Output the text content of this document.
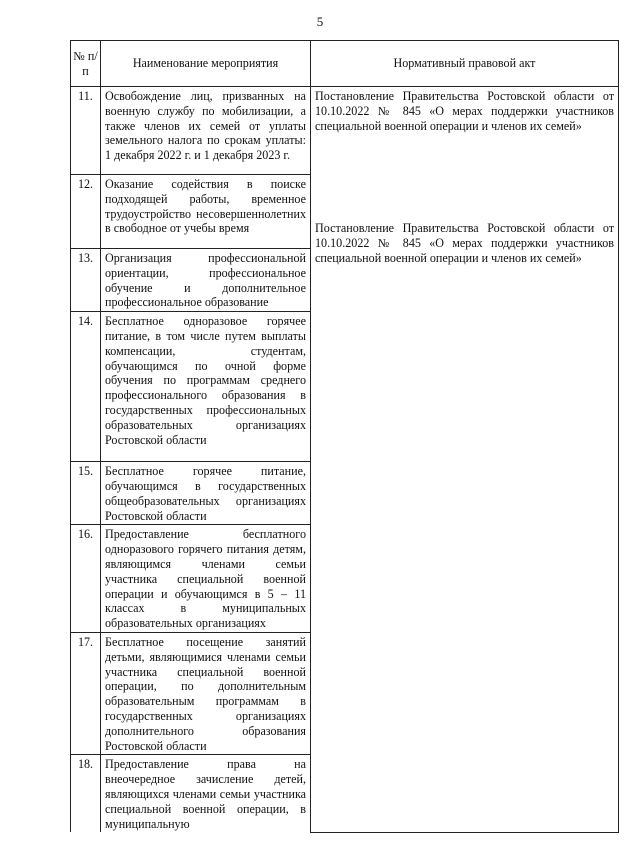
5
№ п/п	Наименование мероприятия	Нормативный правовой акт
11.	Освобождение лиц, призванных на военную службу по мобилизации, а также членов их семей от уплаты земельного налога по срокам уплаты: 1 декабря 2022 г. и 1 декабря 2023 г.	Постановление Правительства Ростовской области от 10.10.2022 № 845 «О мерах поддержки участников специальной военной операции и членов их семей»
Постановление Правительства Ростовской области от 10.10.2022 № 845 «О мерах поддержки участников специальной военной операции и членов их семей»

12.	Оказание содействия в поиске подходящей работы, временное трудоустройство несовершеннолетних в свободное от учебы время	
13.	Организация профессиональной ориентации, профессиональное обучение и дополнительное профессиональное образование	
14.	Бесплатное одноразовое горячее питание, в том числе путем выплаты компенсации, студентам, обучающимся по очной форме обучения по программам среднего профессионального образования в государственных профессиональных образовательных организациях Ростовской области	
15.	Бесплатное горячее питание, обучающимся в государственных общеобразовательных организациях Ростовской области	
16.	Предоставление бесплатного одноразового горячего питания детям, являющимся членами семьи участника специальной военной операции и обучающимся в 5 – 11 классах в муниципальных образовательных организациях	
17.	Бесплатное посещение занятий детьми, являющимися членами семьи участника специальной военной операции, по дополнительным образовательным программам в государственных организациях дополнительного образования Ростовской области	
18.	Предоставление права на внеочередное зачисление детей, являющихся членами семьи участника специальной военной операции, в муниципальную	
